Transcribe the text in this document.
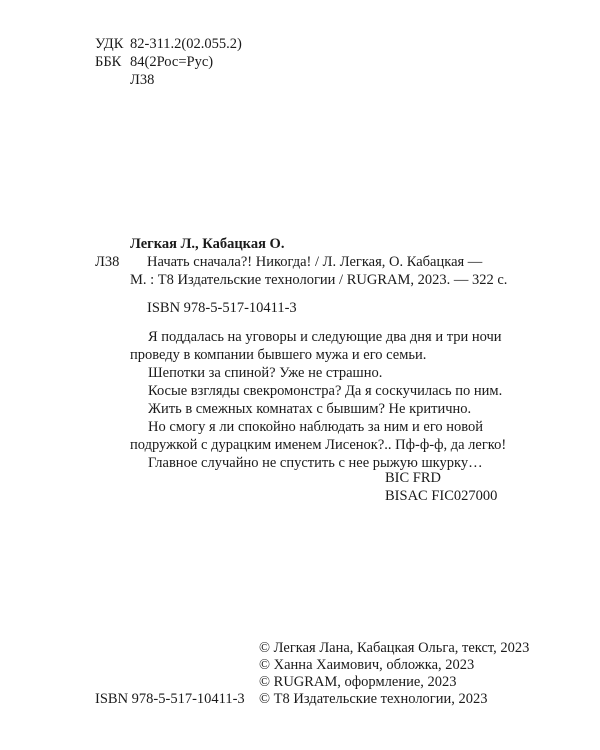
УДК 82-311.2(02.055.2)
ББК 84(2Рос=Рус)
Л38
Легкая Л., Кабацкая О.
Л38 Начать сначала?! Никогда! / Л. Легкая, О. Кабацкая —
М. : Т8 Издательские технологии / RUGRAM, 2023. — 322 с.
ISBN 978-5-517-10411-3

Я поддалась на уговоры и следующие два дня и три ночи проведу в компании бывшего мужа и его семьи.

Шепотки за спиной? Уже не страшно.

Косые взгляды свекромонстра? Да я соскучилась по ним.

Жить в смежных комнатах с бывшим? Не критично.

Но смогу я ли спокойно наблюдать за ним и его новой подружкой с дурацким именем Лисенок?.. Пф-ф-ф, да легко!

Главное случайно не спустить с нее рыжую шкурку…

BIC FRD
BISAC FIC027000
© Легкая Лана, Кабацкая Ольга, текст, 2023
© Ханна Хаимович, обложка, 2023
© RUGRAM, оформление, 2023
© Т8 Издательские технологии, 2023
ISBN 978-5-517-10411-3
